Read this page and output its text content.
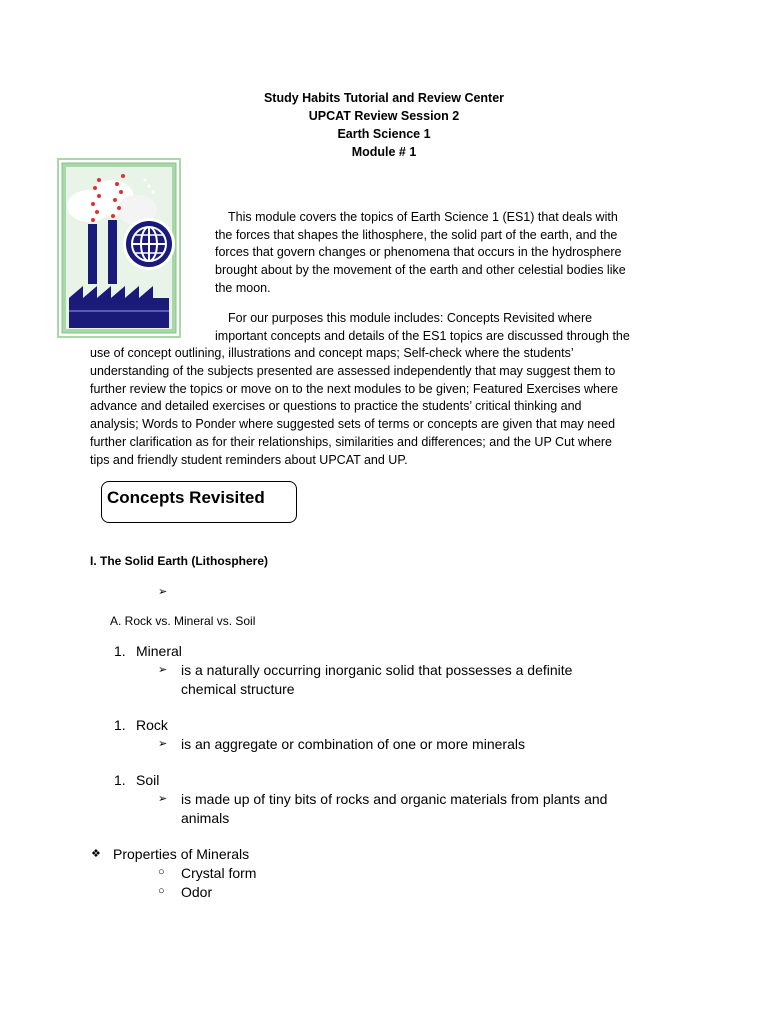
Study Habits Tutorial and Review Center
UPCAT Review Session 2
Earth Science 1
Module # 1
This module covers the topics of Earth Science 1 (ES1) that deals with
the forces that shapes the lithosphere, the solid part of the earth, and the
forces that govern changes or phenomena that occurs in the hydrosphere
brought about by the movement of the earth and other celestial bodies like
the moon.
For our purposes this module includes: Concepts Revisited where
important concepts and details of the ES1 topics are discussed through the
use of concept outlining, illustrations and concept maps; Self-check where the students’
understanding of the subjects presented are assessed independently that may suggest them to
further review the topics or move on to the next modules to be given; Featured Exercises where
advance and detailed exercises or questions to practice the students’ critical thinking and
analysis; Words to Ponder where suggested sets of terms or concepts are given that may need
further clarification as for their relationships, similarities and differences; and the UP Cut where
tips and friendly student reminders about UPCAT and UP.
Concepts Revisited
I. The Solid Earth (Lithosphere)
➢
A. Rock vs. Mineral vs. Soil
1. Mineral
➢ is a naturally occurring inorganic solid that possesses a definite
chemical structure
1. Rock
➢ is an aggregate or combination of one or more minerals
1. Soil
➢ is made up of tiny bits of rocks and organic materials from plants and
animals
❖ Properties of Minerals
○ Crystal form
○ Odor
